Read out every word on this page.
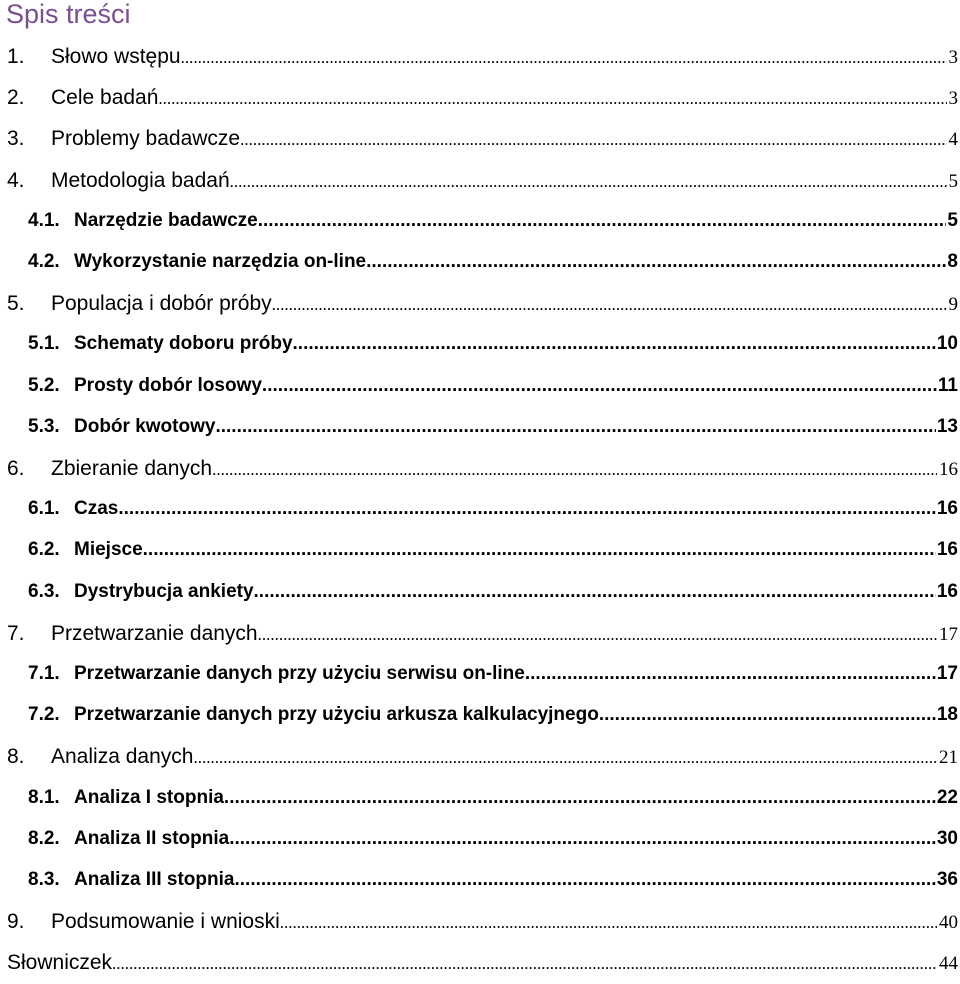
Spis treści
1.	Słowo wstępu .....	3
2.	Cele badań .....	3
3.	Problemy badawcze .....	4
4.	Metodologia badań .....	5
4.1. Narzędzie badawcze .....	5
4.2. Wykorzystanie narzędzia on-line .....	8
5.	Populacja i dobór próby .....	9
5.1. Schematy doboru próby .....	10
5.2. Prosty dobór losowy .....	11
5.3. Dobór kwotowy .....	13
6.	Zbieranie danych .....	16
6.1. Czas .....	16
6.2. Miejsce .....	16
6.3. Dystrybucja ankiety .....	16
7.	Przetwarzanie danych .....	17
7.1. Przetwarzanie danych przy użyciu serwisu on-line .....	17
7.2. Przetwarzanie danych przy użyciu arkusza kalkulacyjnego .....	18
8.	Analiza danych .....	21
8.1. Analiza I stopnia .....	22
8.2. Analiza II stopnia .....	30
8.3. Analiza III stopnia .....	36
9.	Podsumowanie i wnioski .....	40
Słowniczek .....	44
